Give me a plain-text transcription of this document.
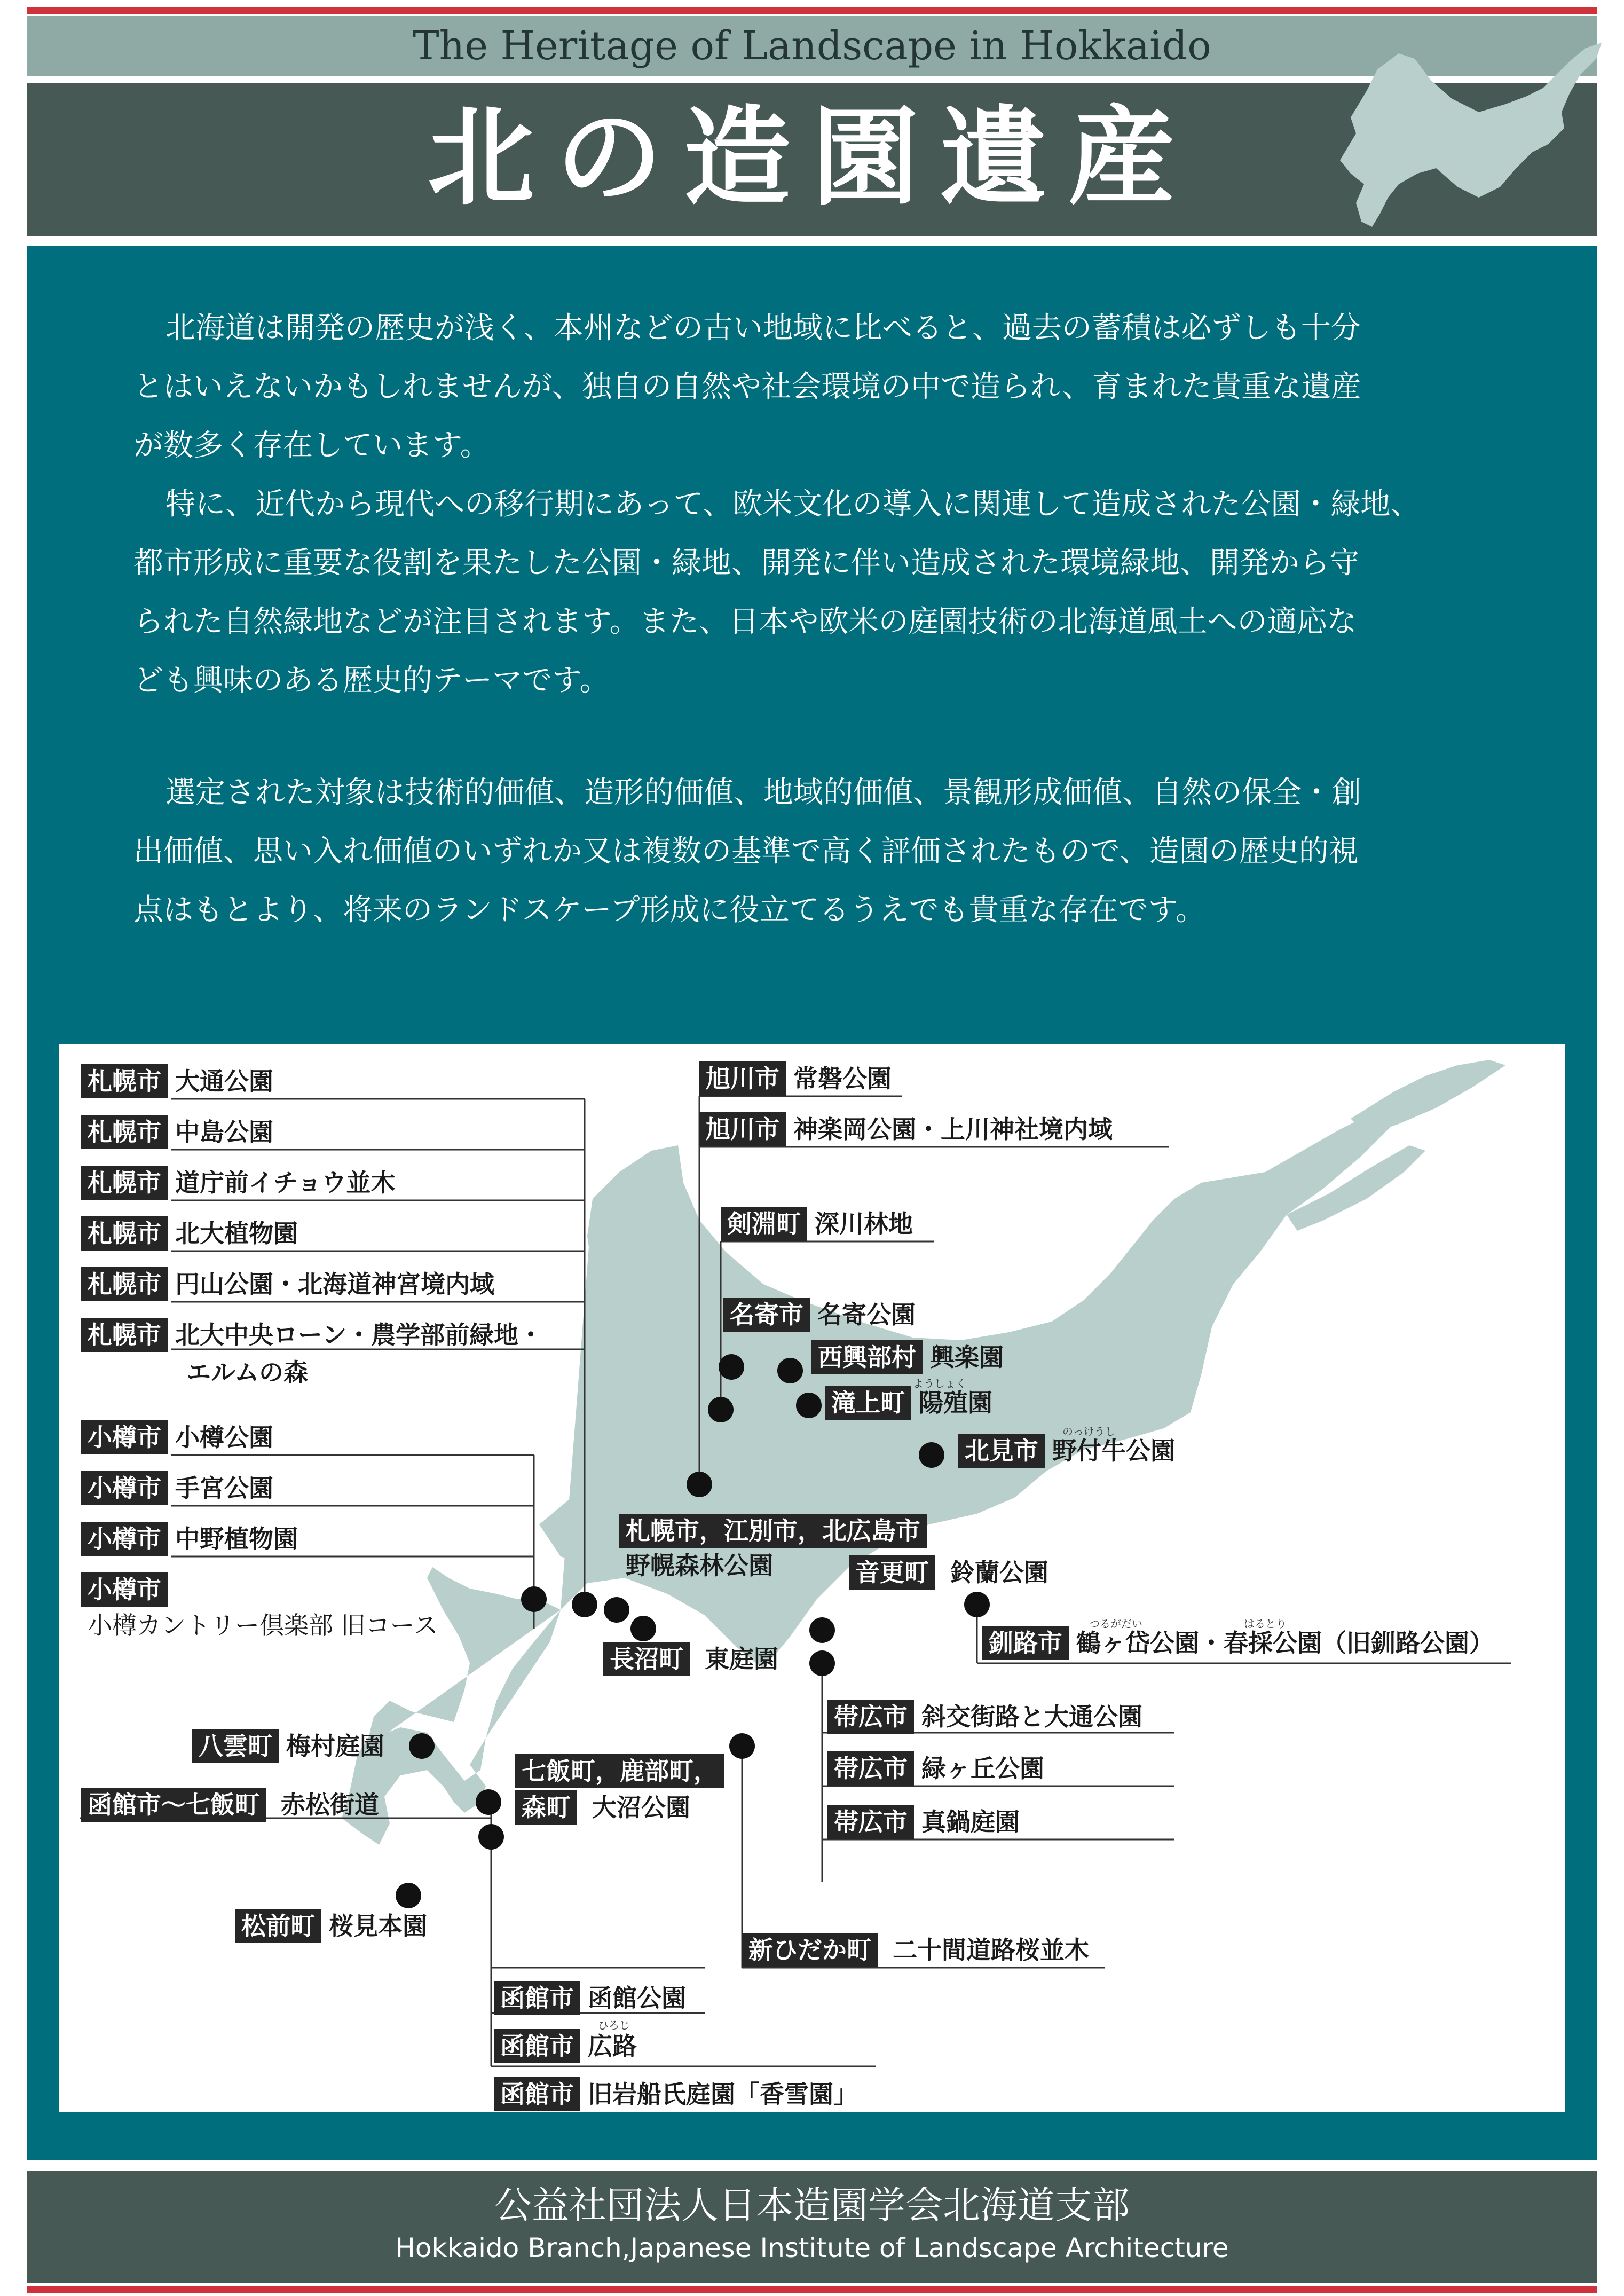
The Heritage of Landscape in Hokkaido
北の造園遺産
北海道は開発の歴史が浅く、本州などの古い地域に比べると、過去の蓄積は必ずしも十分
とはいえないかもしれませんが、独自の自然や社会環境の中で造られ、育まれた貴重な遺産
が数多く存在しています。
特に、近代から現代への移行期にあって、欧米文化の導入に関連して造成された公園・緑地、
都市形成に重要な役割を果たした公園・緑地、開発に伴い造成された環境緑地、開発から守
られた自然緑地などが注目されます。また、日本や欧米の庭園技術の北海道風土への適応な
ども興味のある歴史的テーマです。
選定された対象は技術的価値、造形的価値、地域的価値、景観形成価値、自然の保全・創
出価値、思い入れ価値のいずれか又は複数の基準で高く評価されたもので、造園の歴史的視
点はもとより、将来のランドスケープ形成に役立てるうえでも貴重な存在です。
札幌市 大通公園
札幌市 中島公園
札幌市 道庁前イチョウ並木
札幌市 北大植物園
札幌市 円山公園・北海道神宮境内域
札幌市 北大中央ローン・農学部前緑地・
エルムの森
小樽市 小樽公園
小樽市 手宮公園
小樽市 中野植物園
小樽市
小樽カントリー倶楽部 旧コース
旭川市 常磐公園
旭川市 神楽岡公園・上川神社境内域
剣淵町 深川林地
名寄市 名寄公園
西興部村 興楽園
滝上町 陽殖園
ようしょく
北見市 野付牛公園
のっけうし
札幌市，江別市，北広島市
野幌森林公園	音更町 鈴蘭公園
釧路市 鶴ヶ岱公園・春採公園（旧釧路公園）
つるがだい	はるとり
長沼町 東庭園
八雲町 梅村庭園
函館市〜七飯町 赤松街道
七飯町，鹿部町，
森町 大沼公園
帯広市 斜交街路と大通公園
帯広市 緑ヶ丘公園
帯広市 真鍋庭園
松前町 桜見本園
新ひだか町 二十間道路桜並木
函館市 函館公園
函館市 広路
ひろじ
函館市 旧岩船氏庭園「香雪園」
公益社団法人日本造園学会北海道支部
Hokkaido Branch,Japanese Institute of Landscape Architecture
